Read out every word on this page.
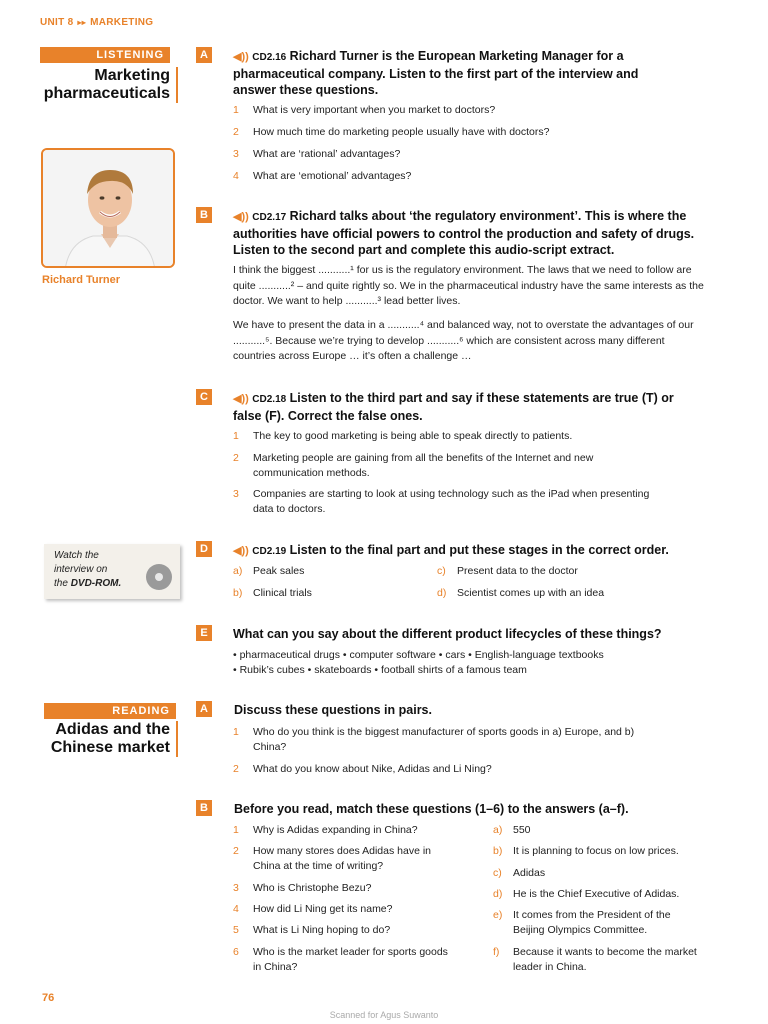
UNIT 8 ▸▸ MARKETING
LISTENING
Marketing
pharmaceuticals
Richard Turner
Watch the
interview on
the DVD-ROM.
A	◀)) CD2.16 Richard Turner is the European Marketing Manager for a pharmaceutical company. Listen to the first part of the interview and answer these questions.
1 What is very important when you market to doctors?
2 How much time do marketing people usually have with doctors?
3 What are ‘rational’ advantages?
4 What are ‘emotional’ advantages?
B	◀)) CD2.17 Richard talks about ‘the regulatory environment’. This is where the authorities have official powers to control the production and safety of drugs. Listen to the second part and complete this audio-script extract.
I think the biggest ...........¹ for us is the regulatory environment. The laws that we need to follow are quite ...........² – and quite rightly so. We in the pharmaceutical industry have the same interests as the doctor. We want to help ...........³ lead better lives.
We have to present the data in a ...........⁴ and balanced way, not to overstate the advantages of our ...........⁵. Because we’re trying to develop ...........⁶ which are consistent across many different countries across Europe … it’s often a challenge …
C	◀)) CD2.18 Listen to the third part and say if these statements are true (T) or false (F). Correct the false ones.
1	The key to good marketing is being able to speak directly to patients.
2	Marketing people are gaining from all the benefits of the Internet and new communication methods.
3	Companies are starting to look at using technology such as the iPad when presenting data to doctors.
D	◀)) CD2.19 Listen to the final part and put these stages in the correct order.
a)	Peak sales
b)	Clinical trials
c)	Present data to the doctor
d)	Scientist comes up with an idea
E	What can you say about the different product lifecycles of these things?
• pharmaceutical drugs • computer software • cars • English-language textbooks
• Rubik’s cubes • skateboards • football shirts of a famous team
READING
Adidas and the
Chinese market
A	Discuss these questions in pairs.
1	Who do you think is the biggest manufacturer of sports goods in a) Europe, and b) China?
2	What do you know about Nike, Adidas and Li Ning?
B	Before you read, match these questions (1–6) to the answers (a–f).
1	Why is Adidas expanding in China?
2	How many stores does Adidas have in China at the time of writing?
3	Who is Christophe Bezu?
4	How did Li Ning get its name?
5	What is Li Ning hoping to do?
6	Who is the market leader for sports goods in China?
a)	550
b)	It is planning to focus on low prices.
c)	Adidas
d)	He is the Chief Executive of Adidas.
e)	It comes from the President of the Beijing Olympics Committee.
f)	Because it wants to become the market leader in China.
76
Scanned for Agus Suwanto
